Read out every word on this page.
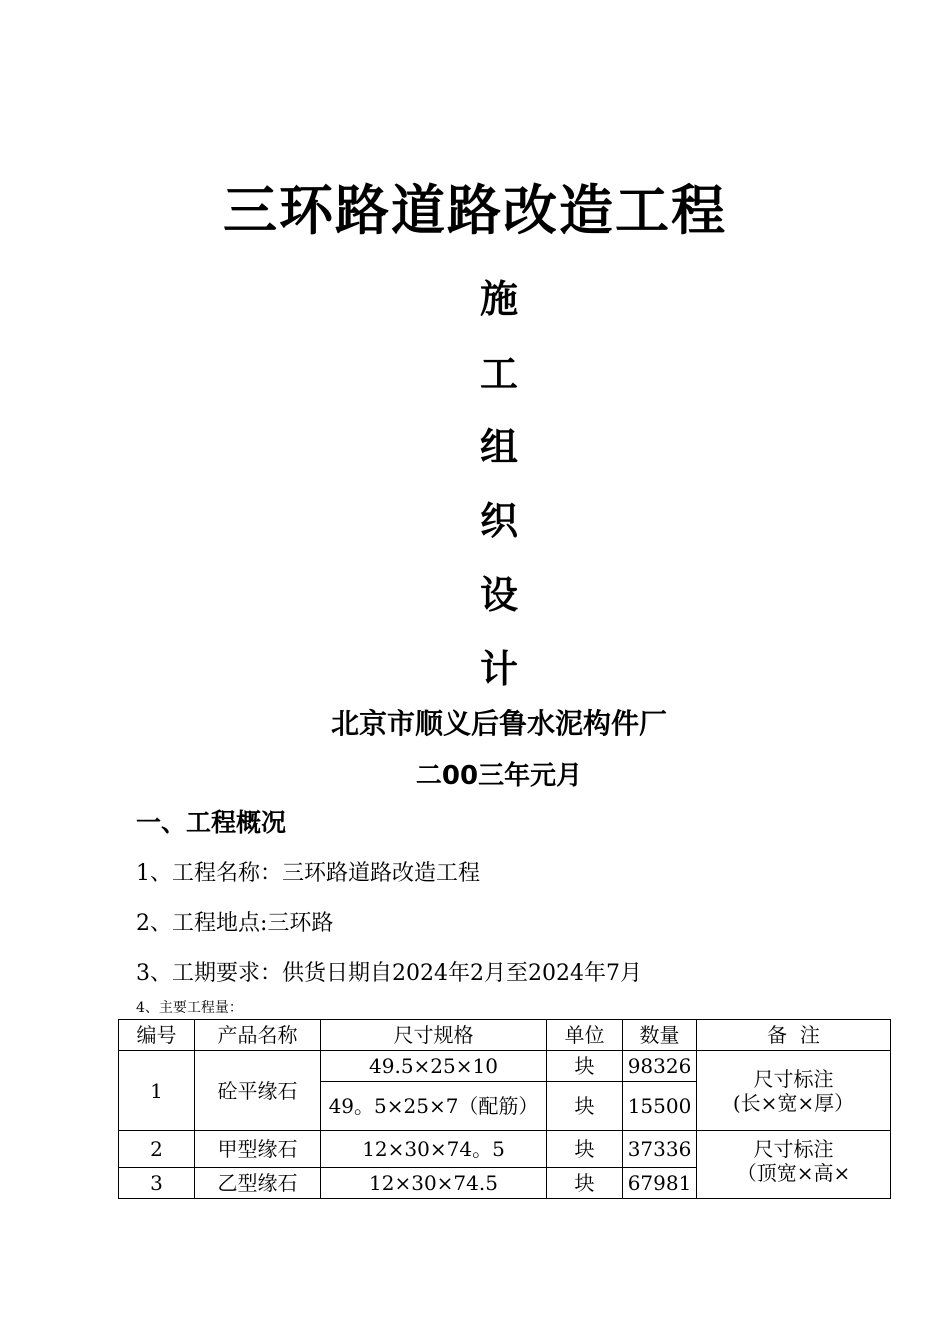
三环路道路改造工程
施
工
组
织
设
计
北京市顺义后鲁水泥构件厂
二00三年元月
一、工程概况
1、工程名称：三环路道路改造工程
2、工程地点:三环路
3、工期要求：供货日期自2024年2月至2024年7月
4、主要工程量：
编号	产品名称	尺寸规格	单位	数量	备  注
1	砼平缘石	49.5×25×10	块	98326	尺寸标注
(长×宽×厚）
		49。5×25×7（配筋）	块	15500	
2	甲型缘石	12×30×74。5	块	37336	尺寸标注
（顶宽×高×

3	乙型缘石	12×30×74.5	块	67981	
